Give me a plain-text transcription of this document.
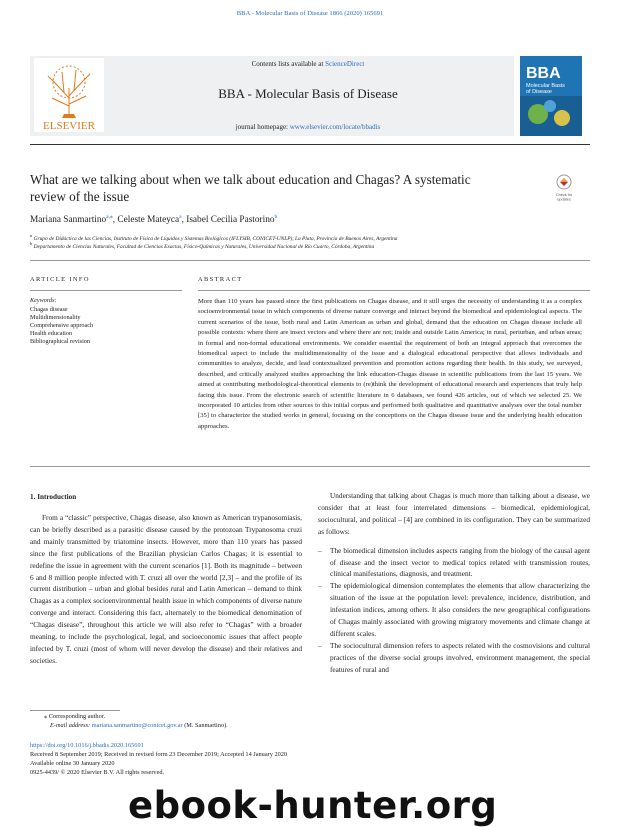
BBA - Molecular Basis of Disease 1866 (2020) 165691
ELSEVIER
Contents lists available at ScienceDirect
BBA - Molecular Basis of Disease
journal homepage: www.elsevier.com/locate/bbadis
BBA
Molecular Basis
of Disease
What are we talking about when we talk about education and Chagas? A systematic review of the issue	Check for
updates
Mariana Sanmartino$^{a,⁎}$, Celeste Mateyca$^a$, Isabel Cecilia Pastorino$^b$
$^a$ Grupo de Didáctica de las Ciencias, Instituto de Física de Líquidos y Sistemas Biológicos (IFLYSIB, CONICET-UNLP), La Plata, Provincia de Buenos Aires, Argentina
$^b$ Departamento de Ciencias Naturales, Facultad de Ciencias Exactas, Físico-Químicas y Naturales, Universidad Nacional de Río Cuarto, Córdoba, Argentina
ARTICLE INFO
Keywords:
Chagas disease
Multidimensionality
Comprehensive approach
Health education
Bibliographical revision
ABSTRACT
More than 110 years has passed since the first publications on Chagas disease, and it still urges the necessity of understanding it as a complex socioenvironmental issue in which components of diverse nature converge and interact beyond the biomedical and epidemiological aspects. The current scenarios of the issue, both rural and Latin American as urban and global, demand that the education on Chagas disease include all possible contexts: where there are insect vectors and where there are not; inside and outside Latin America; in rural, periurban, and urban areas; in formal and non-formal educational environments. We consider essential the requirement of both an integral approach that overcomes the biomedical aspect to include the multidimensionality of the issue and a dialogical educational perspective that allows individuals and communities to analyze, decide, and lead contextualized prevention and promotion actions regarding their health. In this study, we surveyed, described, and critically analyzed studies approaching the link education-Chagas disease in scientific publications from the last 15 years. We aimed at contributing methodological-theoretical elements to (re)think the development of educational research and experiences that truly help facing this issue. From the electronic search of scientific literature in 6 databases, we found 426 articles, out of which we selected 25. We incorporated 10 articles from other sources to this initial corpus and performed both qualitative and quantitative analyses over the total number [35] to characterize the studied works in general, focusing on the conceptions on the Chagas disease issue and the underlying health education approaches.
1. Introduction

From a “classic” perspective, Chagas disease, also known as American trypanosomiasis, can be briefly described as a parasitic disease caused by the protozoan Trypanosoma cruzi and mainly transmitted by triatomine insects. However, more than 110 years has passed since the first publications of the Brazilian physician Carlos Chagas; it is essential to redefine the issue in agreement with the current scenarios [1]. Both its magnitude – between 6 and 8 million people infected with T. cruzi all over the world [2,3] – and the profile of its current distribution – urban and global besides rural and Latin American – demand to think Chagas as a complex socioenvironmental health issue in which components of diverse nature converge and interact. Considering this fact, alternately to the biomedical denomination of “Chagas disease”, throughout this article we will also refer to “Chagas” with a broader meaning, to include the psychological, legal, and socioeconomic issues that affect people infected by T. cruzi (most of whom will never develop the disease) and their relatives and societies.

Understanding that talking about Chagas is much more than talking about a disease, we consider that at least four interrelated dimensions – biomedical, epidemiological, sociocultural, and political – [4] are combined in its configuration. They can be summarized as follows:

– The biomedical dimension includes aspects ranging from the biology of the causal agent of disease and the insect vector to medical topics related with transmission routes, clinical manifestations, diagnosis, and treatment.

– The epidemiological dimension contemplates the elements that allow characterizing the situation of the issue at the population level: prevalence, incidence, distribution, and infestation indices, among others. It also considers the new geographical configurations of Chagas mainly associated with growing migratory movements and climate change at different scales.

– The sociocultural dimension refers to aspects related with the cosmovisions and cultural practices of the diverse social groups involved, environment management, the special features of rural and

⁎ Corresponding author.
E-mail address: mariana.sanmartino@conicet.gov.ar (M. Sanmartino).
https://doi.org/10.1016/j.bbadis.2020.165691
Received 8 September 2019; Received in revised form 23 December 2019; Accepted 14 January 2020
Available online 30 January 2020
0925-4439/ © 2020 Elsevier B.V. All rights reserved.
ebook-hunter.org
